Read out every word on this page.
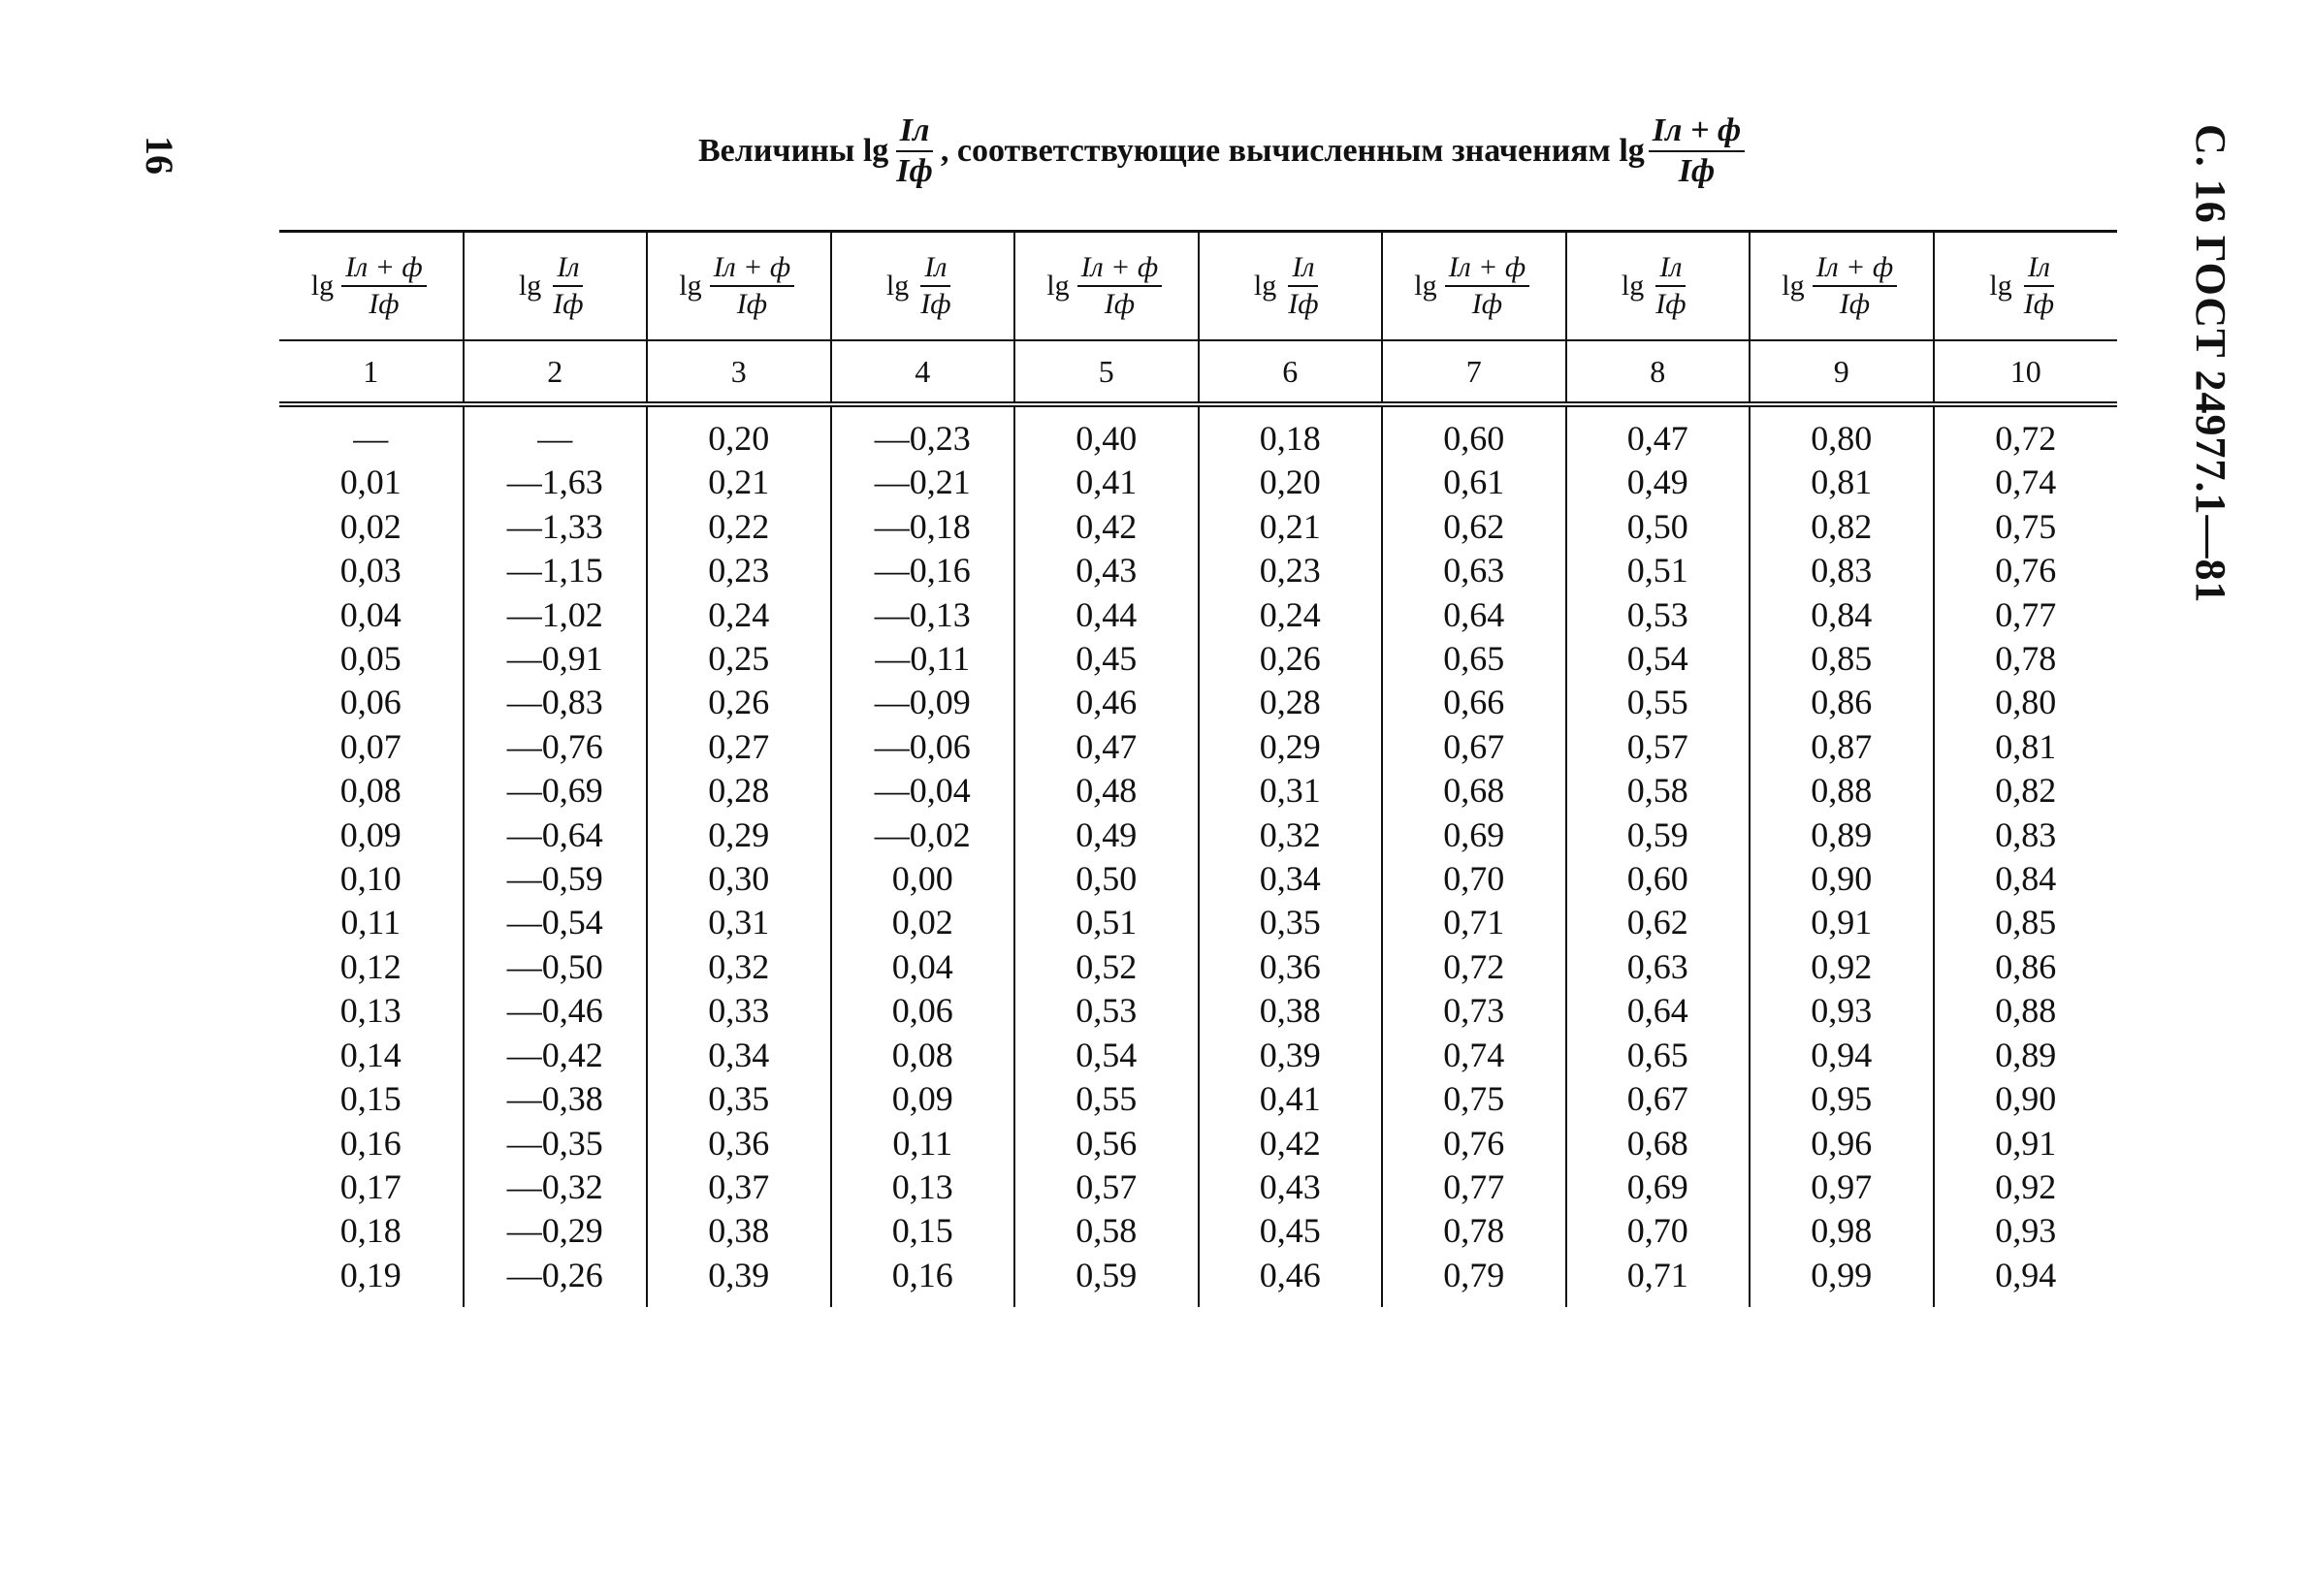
16	С. 16 ГОСТ 24977.1—81
Величины $\lg \frac{Iл}{Iф}$ , соответствующие вычисленным значениям $\lg \frac{Iл + ф}{Iф}$
$\lg \frac{Iл + ф}{Iф}$	$\lg \frac{Iл}{Iф}$	$\lg \frac{Iл + ф}{Iф}$	$\lg \frac{Iл}{Iф}$	$\lg \frac{Iл + ф}{Iф}$	$\lg \frac{Iл}{Iф}$	$\lg \frac{Iл + ф}{Iф}$	$\lg \frac{Iл}{Iф}$	$\lg \frac{Iл + ф}{Iф}$	$\lg \frac{Iл}{Iф}$

1	2	3	4	5	6	7	8	9	10
—	—	0,20	—0,23	0,40	0,18	0,60	0,47	0,80	0,72
0,01	—1,63	0,21	—0,21	0,41	0,20	0,61	0,49	0,81	0,74
0,02	—1,33	0,22	—0,18	0,42	0,21	0,62	0,50	0,82	0,75
0,03	—1,15	0,23	—0,16	0,43	0,23	0,63	0,51	0,83	0,76
0,04	—1,02	0,24	—0,13	0,44	0,24	0,64	0,53	0,84	0,77
0,05	—0,91	0,25	—0,11	0,45	0,26	0,65	0,54	0,85	0,78
0,06	—0,83	0,26	—0,09	0,46	0,28	0,66	0,55	0,86	0,80
0,07	—0,76	0,27	—0,06	0,47	0,29	0,67	0,57	0,87	0,81
0,08	—0,69	0,28	—0,04	0,48	0,31	0,68	0,58	0,88	0,82
0,09	—0,64	0,29	—0,02	0,49	0,32	0,69	0,59	0,89	0,83
0,10	—0,59	0,30	0,00	0,50	0,34	0,70	0,60	0,90	0,84
0,11	—0,54	0,31	0,02	0,51	0,35	0,71	0,62	0,91	0,85
0,12	—0,50	0,32	0,04	0,52	0,36	0,72	0,63	0,92	0,86
0,13	—0,46	0,33	0,06	0,53	0,38	0,73	0,64	0,93	0,88
0,14	—0,42	0,34	0,08	0,54	0,39	0,74	0,65	0,94	0,89
0,15	—0,38	0,35	0,09	0,55	0,41	0,75	0,67	0,95	0,90
0,16	—0,35	0,36	0,11	0,56	0,42	0,76	0,68	0,96	0,91
0,17	—0,32	0,37	0,13	0,57	0,43	0,77	0,69	0,97	0,92
0,18	—0,29	0,38	0,15	0,58	0,45	0,78	0,70	0,98	0,93
0,19	—0,26	0,39	0,16	0,59	0,46	0,79	0,71	0,99	0,94
